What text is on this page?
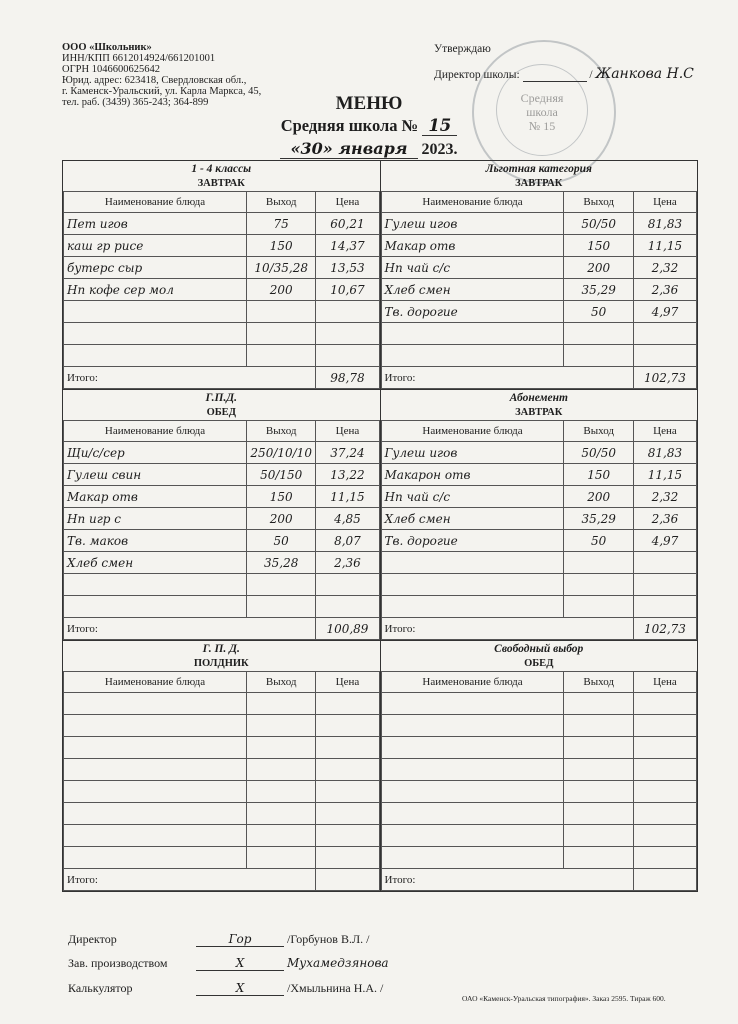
ООО «Школьник»
ИНН/КПП 6612014924/661201001
ОГРН 1046600625642
Юрид. адрес: 623418, Свердловская обл.,
г. Каменск-Уральский, ул. Карла Маркса, 45,
тел. раб. (3439) 365-243; 364-899	Средняя
школа
№ 15
Утверждаю
Директор школы:	/ Жанкова Н.С
МЕНЮ
Средняя школа № 15
«30» января 2023.
1 - 4 классы
ЗАВТРАК
Наименование блюда	Выход	Цена
Пет игов	75	60,21
каш гр рисе	150	14,37
бутерс сыр	10/35,28	13,53
Нп кофе сер мол	200	10,67

Итого:	98,78

Льготная категория
ЗАВТРАК
Наименование блюда	Выход	Цена
Гулеш игов	50/50	81,83
Макар отв	150	11,15
Нп чай с/с	200	2,32
Хлеб смен	35,29	2,36
Тв. дорогие	50	4,97

Итого:	102,73

Г.П.Д.
ОБЕД
Наименование блюда	Выход	Цена
Щи/с/сер	250/10/10	37,24
Гулеш свин	50/150	13,22
Макар отв	150	11,15
Нп игр с	200	4,85
Тв. маков	50	8,07
Хлеб смен	35,28	2,36

Итого:	100,89

Абонемент
ЗАВТРАК
Наименование блюда	Выход	Цена
Гулеш игов	50/50	81,83
Макарон отв	150	11,15
Нп чай с/с	200	2,32
Хлеб смен	35,29	2,36
Тв. дорогие	50	4,97

Итого:	102,73

Г. П. Д.
ПОЛДНИК
Наименование блюда	Выход	Цена

Итого:	

Свободный выбор
ОБЕД
Наименование блюда	Выход	Цена

Итого:	
Директор	Гор	/Горбунов В.Л. /
Зав. производством	Х	Мухамедзянова
Калькулятор	Х	/Хмыльнина Н.А. /
ОАО «Каменск-Уральская типография». Заказ 2595. Тираж 600.
